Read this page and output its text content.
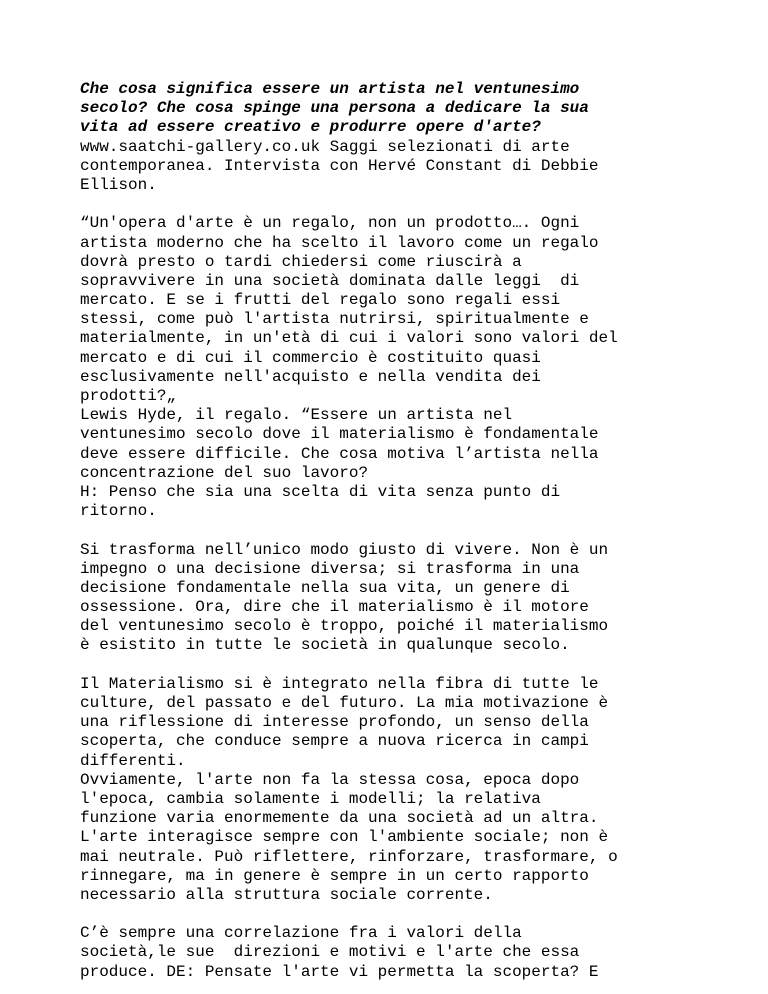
Che cosa significa essere un artista nel ventunesimo
secolo? Che cosa spinge una persona a dedicare la sua
vita ad essere creativo e produrre opere d'arte?
www.saatchi-gallery.co.uk Saggi selezionati di arte
contemporanea. Intervista con Hervé Constant di Debbie
Ellison.
“Un'opera d'arte è un regalo, non un prodotto…. Ogni
artista moderno che ha scelto il lavoro come un regalo
dovrà presto o tardi chiedersi come riuscirà a
sopravvivere in una società dominata dalle leggi  di
mercato. E se i frutti del regalo sono regali essi
stessi, come può l'artista nutrirsi, spiritualmente e
materialmente, in un'età di cui i valori sono valori del
mercato e di cui il commercio è costituito quasi
esclusivamente nell'acquisto e nella vendita dei
prodotti?„
Lewis Hyde, il regalo. “Essere un artista nel
ventunesimo secolo dove il materialismo è fondamentale
deve essere difficile. Che cosa motiva l’artista nella
concentrazione del suo lavoro?
H: Penso che sia una scelta di vita senza punto di
ritorno.
Si trasforma nell’unico modo giusto di vivere. Non è un
impegno o una decisione diversa; si trasforma in una
decisione fondamentale nella sua vita, un genere di
ossessione. Ora, dire che il materialismo è il motore
del ventunesimo secolo è troppo, poiché il materialismo
è esistito in tutte le società in qualunque secolo.
Il Materialismo si è integrato nella fibra di tutte le
culture, del passato e del futuro. La mia motivazione è
una riflessione di interesse profondo, un senso della
scoperta, che conduce sempre a nuova ricerca in campi
differenti.
Ovviamente, l'arte non fa la stessa cosa, epoca dopo
l'epoca, cambia solamente i modelli; la relativa
funzione varia enormemente da una società ad un altra.
L'arte interagisce sempre con l'ambiente sociale; non è
mai neutrale. Può riflettere, rinforzare, trasformare, o
rinnegare, ma in genere è sempre in un certo rapporto
necessario alla struttura sociale corrente.
C’è sempre una correlazione fra i valori della
società,le sue  direzioni e motivi e l'arte che essa
produce. DE: Pensate l'arte vi permetta la scoperta? E
